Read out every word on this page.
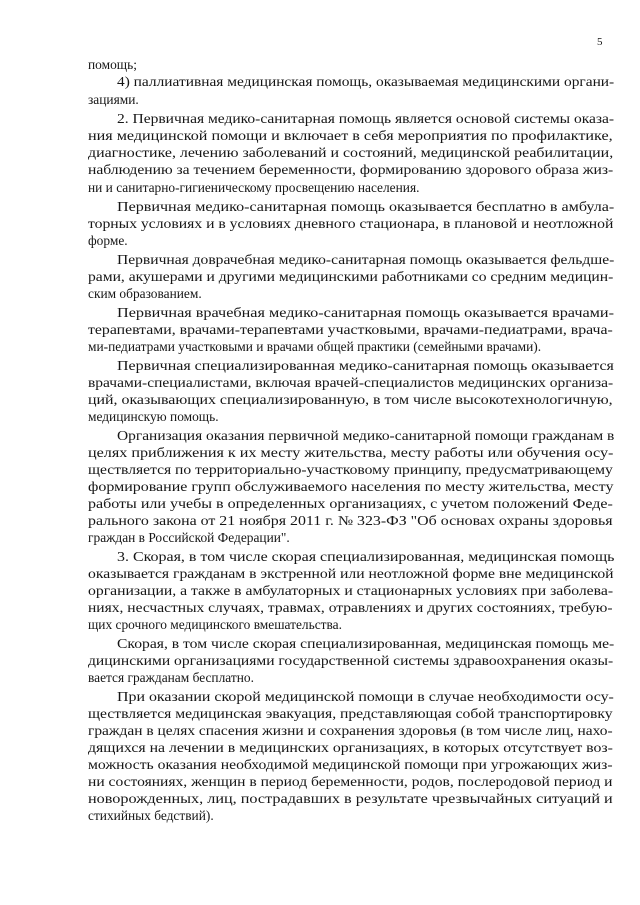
5
помощь;
4) паллиативная медицинская помощь, оказываемая медицинскими органи-
зациями.
2. Первичная медико-санитарная помощь является основой системы оказа-
ния медицинской помощи и включает в себя мероприятия по профилактике,
диагностике, лечению заболеваний и состояний, медицинской реабилитации,
наблюдению за течением беременности, формированию здорового образа жиз-
ни и санитарно-гигиеническому просвещению населения.
Первичная медико-санитарная помощь оказывается бесплатно в амбула-
торных условиях и в условиях дневного стационара, в плановой и неотложной
форме.
Первичная доврачебная медико-санитарная помощь оказывается фельдше-
рами, акушерами и другими медицинскими работниками со средним медицин-
ским образованием.
Первичная врачебная медико-санитарная помощь оказывается врачами-
терапевтами, врачами-терапевтами участковыми, врачами-педиатрами, врача-
ми-педиатрами участковыми и врачами общей практики (семейными врачами).
Первичная специализированная медико-санитарная помощь оказывается
врачами-специалистами, включая врачей-специалистов медицинских организа-
ций, оказывающих специализированную, в том числе высокотехнологичную,
медицинскую помощь.
Организация оказания первичной медико-санитарной помощи гражданам в
целях приближения к их месту жительства, месту работы или обучения осу-
ществляется по территориально-участковому принципу, предусматривающему
формирование групп обслуживаемого населения по месту жительства, месту
работы или учебы в определенных организациях, с учетом положений Феде-
рального закона от 21 ноября 2011 г. № 323-ФЗ "Об основах охраны здоровья
граждан в Российской Федерации".
3. Скорая, в том числе скорая специализированная, медицинская помощь
оказывается гражданам в экстренной или неотложной форме вне медицинской
организации, а также в амбулаторных и стационарных условиях при заболева-
ниях, несчастных случаях, травмах, отравлениях и других состояниях, требую-
щих срочного медицинского вмешательства.
Скорая, в том числе скорая специализированная, медицинская помощь ме-
дицинскими организациями государственной системы здравоохранения оказы-
вается гражданам бесплатно.
При оказании скорой медицинской помощи в случае необходимости осу-
ществляется медицинская эвакуация, представляющая собой транспортировку
граждан в целях спасения жизни и сохранения здоровья (в том числе лиц, нахо-
дящихся на лечении в медицинских организациях, в которых отсутствует воз-
можность оказания необходимой медицинской помощи при угрожающих жиз-
ни состояниях, женщин в период беременности, родов, послеродовой период и
новорожденных, лиц, пострадавших в результате чрезвычайных ситуаций и
стихийных бедствий).
